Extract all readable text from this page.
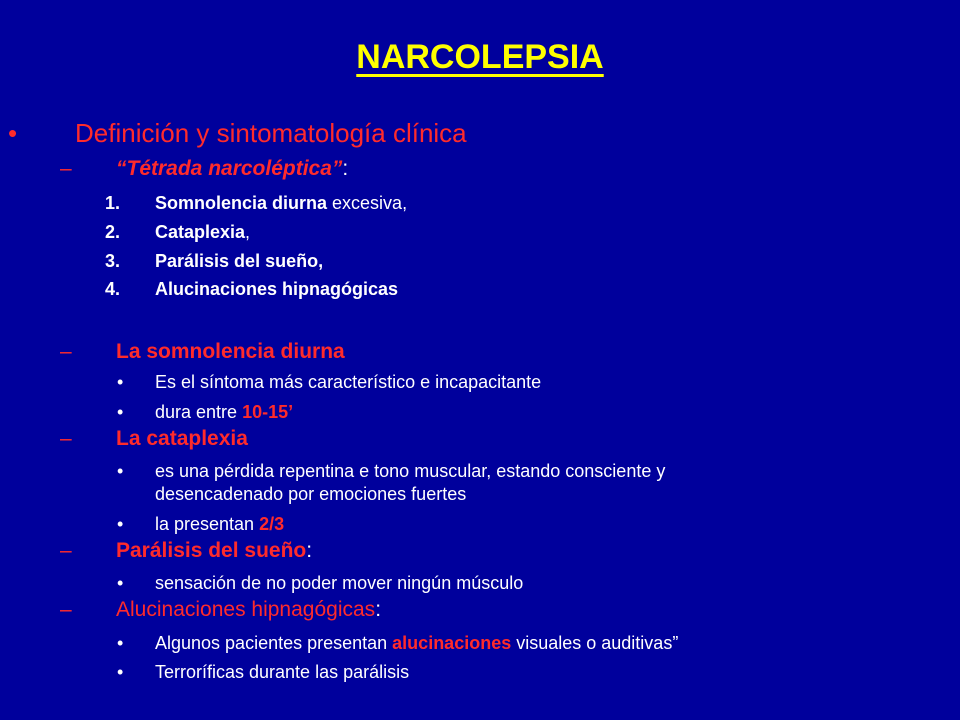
NARCOLEPSIA
• Definición y sintomatología clínica
– “Tétrada narcoléptica”:
1. Somnolencia diurna excesiva,
2. Cataplexia,
3. Parálisis del sueño,
4. Alucinaciones hipnagógicas
– La somnolencia diurna
• Es el síntoma más característico e incapacitante
• dura entre 10-15’
– La cataplexia
• es una pérdida repentina e tono muscular, estando consciente y
desencadenado por emociones fuertes
• la presentan 2/3
– Parálisis del sueño:
• sensación de no poder mover ningún músculo
– Alucinaciones hipnagógicas:
• Algunos pacientes presentan alucinaciones visuales o auditivas”
• Terroríficas durante las parálisis
